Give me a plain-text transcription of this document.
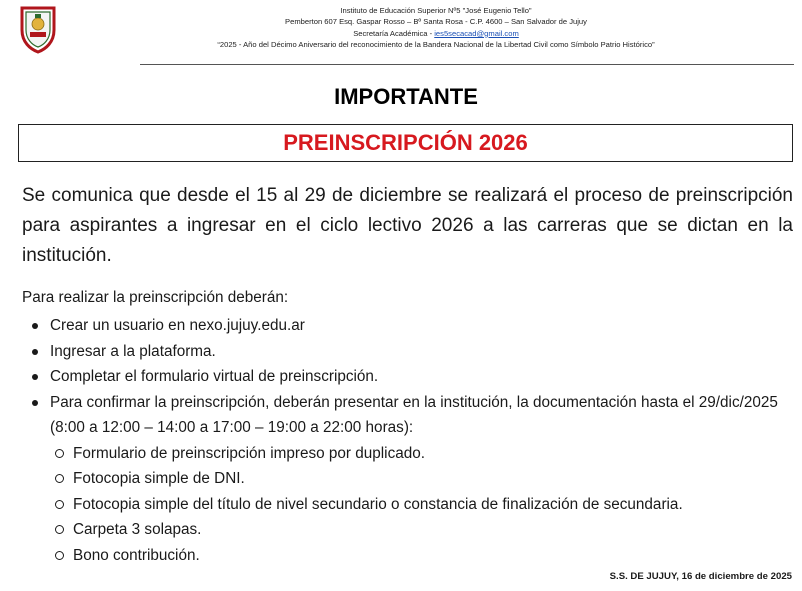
Instituto de Educación Superior Nº5 "José Eugenio Tello"
Pemberton 607 Esq. Gaspar Rosso – Bº Santa Rosa - C.P. 4600 – San Salvador de Jujuy
Secretaría Académica - ies5secacad@gmail.com
“2025 - Año del Décimo Aniversario del reconocimiento de la Bandera Nacional de la Libertad Civil como Símbolo Patrio Histórico”
IMPORTANTE
PREINSCRIPCIÓN 2026
Se comunica que desde el 15 al 29 de diciembre se realizará el proceso de preinscripción para aspirantes a ingresar en el ciclo lectivo 2026 a las carreras que se dictan en la institución.
Para realizar la preinscripción deberán:
Crear un usuario en nexo.jujuy.edu.ar
Ingresar a la plataforma.
Completar el formulario virtual de preinscripción.
Para confirmar la preinscripción, deberán presentar en la institución, la documentación hasta el 29/dic/2025 (8:00 a 12:00 – 14:00 a 17:00 – 19:00 a 22:00 horas):
Formulario de preinscripción impreso por duplicado.
Fotocopia simple de DNI.
Fotocopia simple del título de nivel secundario o constancia de finalización de secundaria.
Carpeta 3 solapas.
Bono contribución.
S.S. DE JUJUY, 16 de diciembre de 2025
